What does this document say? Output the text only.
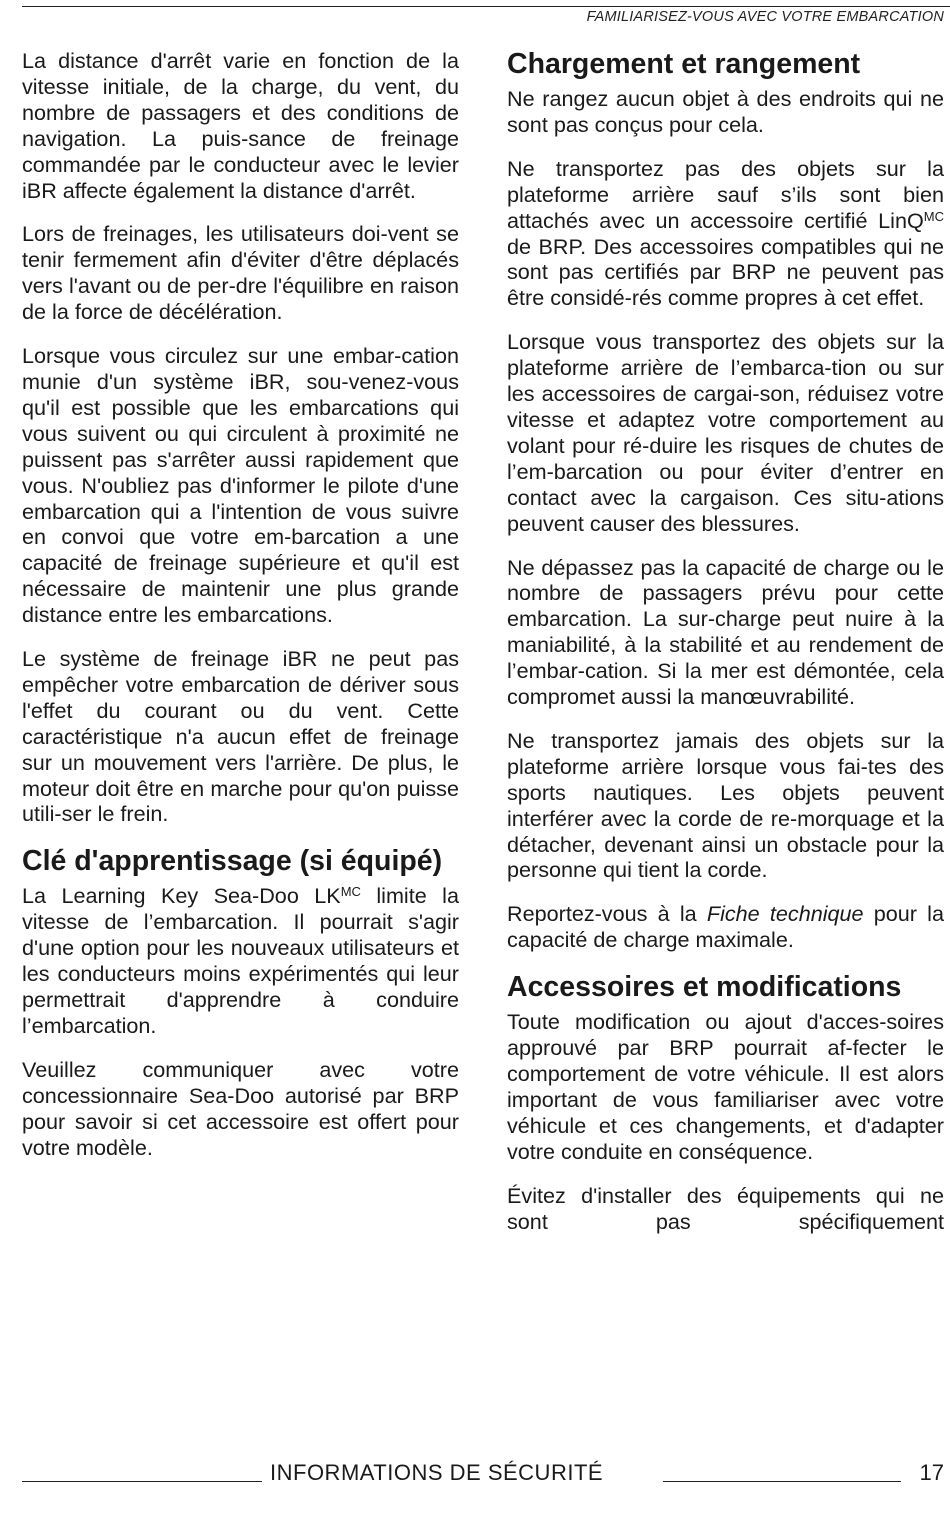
FAMILIARISEZ-VOUS AVEC VOTRE EMBARCATION

La distance d'arrêt varie en fonction de la vitesse initiale, de la charge, du vent, du nombre de passagers et des conditions de navigation. La puis-sance de freinage commandée par le conducteur avec le levier iBR affecte également la distance d'arrêt.

Lors de freinages, les utilisateurs doi-vent se tenir fermement afin d'éviter d'être déplacés vers l'avant ou de per-dre l'équilibre en raison de la force de décélération.

Lorsque vous circulez sur une embar-cation munie d'un système iBR, sou-venez-vous qu'il est possible que les embarcations qui vous suivent ou qui circulent à proximité ne puissent pas s'arrêter aussi rapidement que vous. N'oubliez pas d'informer le pilote d'une embarcation qui a l'intention de vous suivre en convoi que votre em-barcation a une capacité de freinage supérieure et qu'il est nécessaire de maintenir une plus grande distance entre les embarcations.

Le système de freinage iBR ne peut pas empêcher votre embarcation de dériver sous l'effet du courant ou du vent. Cette caractéristique n'a aucun effet de freinage sur un mouvement vers l'arrière. De plus, le moteur doit être en marche pour qu'on puisse utili-ser le frein.

Clé d'apprentissage (si équipé)

La Learning Key Sea-Doo $LK^{MC}$ limite la vitesse de l’embarcation. Il pourrait s'agir d'une option pour les nouveaux utilisateurs et les conducteurs moins expérimentés qui leur permettrait d'apprendre à conduire l’embarcation.

Veuillez communiquer avec votre concessionnaire Sea-Doo autorisé par BRP pour savoir si cet accessoire est offert pour votre modèle.

Chargement et rangement

Ne rangez aucun objet à des endroits qui ne sont pas conçus pour cela.

Ne transportez pas des objets sur la plateforme arrière sauf s’ils sont bien attachés avec un accessoire certifié LinQ$^{MC}$ de BRP. Des accessoires compatibles qui ne sont pas certifiés par BRP ne peuvent pas être considé-rés comme propres à cet effet.

Lorsque vous transportez des objets sur la plateforme arrière de l’embarca-tion ou sur les accessoires de cargai-son, réduisez votre vitesse et adaptez votre comportement au volant pour ré-duire les risques de chutes de l’em-barcation ou pour éviter d’entrer en contact avec la cargaison. Ces situ-ations peuvent causer des blessures.

Ne dépassez pas la capacité de charge ou le nombre de passagers prévu pour cette embarcation. La sur-charge peut nuire à la maniabilité, à la stabilité et au rendement de l’embar-cation. Si la mer est démontée, cela compromet aussi la manœuvrabilité.

Ne transportez jamais des objets sur la plateforme arrière lorsque vous fai-tes des sports nautiques. Les objets peuvent interférer avec la corde de re-morquage et la détacher, devenant ainsi un obstacle pour la personne qui tient la corde.

Reportez-vous à la Fiche technique pour la capacité de charge maximale.

Accessoires et modifications

Toute modification ou ajout d'acces-soires approuvé par BRP pourrait af-fecter le comportement de votre véhicule. Il est alors important de vous familiariser avec votre véhicule et ces changements, et d'adapter votre conduite en conséquence.

Évitez d'installer des équipements qui ne sont pas spécifiquement

INFORMATIONS DE SÉCURITÉ	17
